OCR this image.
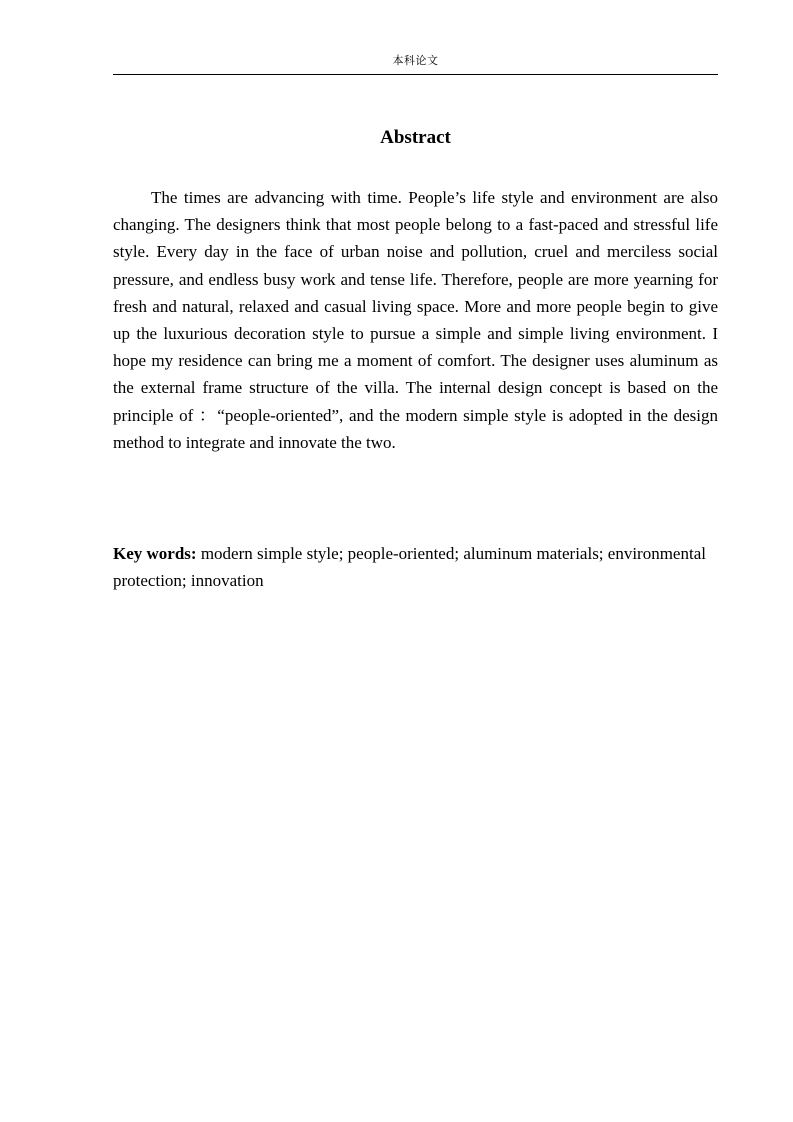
本科论文
Abstract

The times are advancing with time. People’s life style and environment are also changing. The designers think that most people belong to a fast-paced and stressful life style. Every day in the face of urban noise and pollution, cruel and merciless social pressure, and endless busy work and tense life. Therefore, people are more yearning for fresh and natural, relaxed and casual living space. More and more people begin to give up the luxurious decoration style to pursue a simple and simple living environment. I hope my residence can bring me a moment of comfort. The designer uses aluminum as the external frame structure of the villa. The internal design concept is based on the principle of ：“people-oriented”, and the modern simple style is adopted in the design method to integrate and innovate the two.

Key words: modern simple style; people-oriented; aluminum materials; environmental protection; innovation
